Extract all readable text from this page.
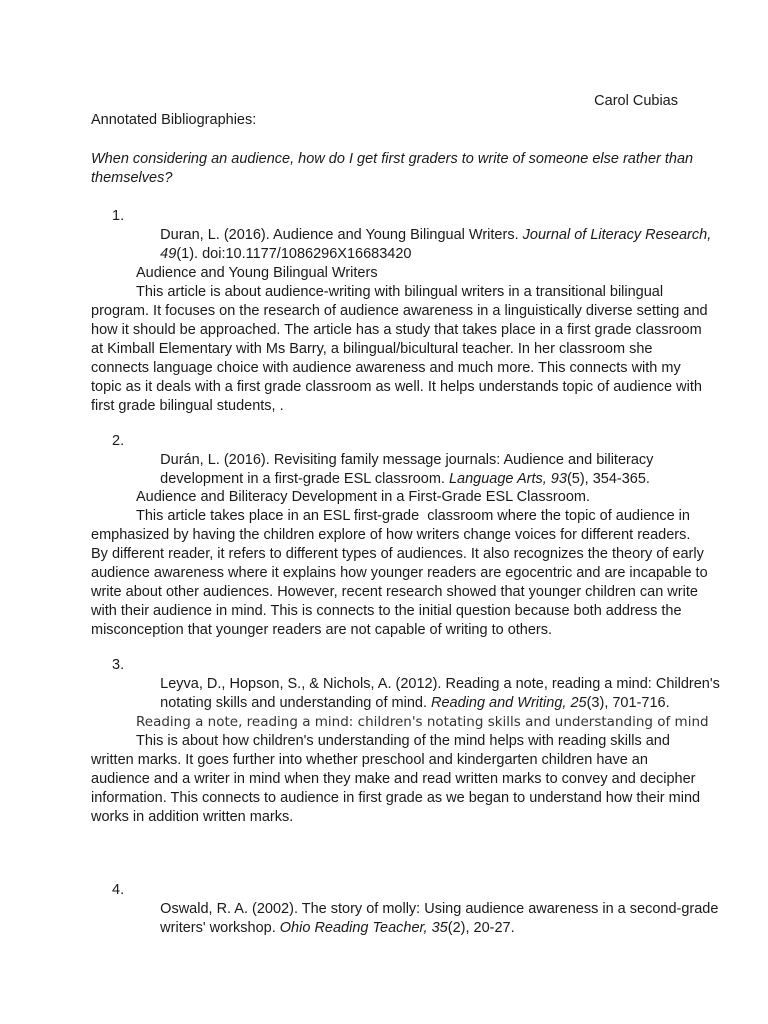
Carol Cubias
Annotated Bibliographies:
When considering an audience, how do I get first graders to write of someone else rather than
themselves?
1.

Duran, L. (2016). Audience and Young Bilingual Writers. Journal of Literacy Research,

49(1). doi:10.1177/1086296X16683420

Audience and Young Bilingual Writers
This article is about audience-writing with bilingual writers in a transitional bilingual
program. It focuses on the research of audience awareness in a linguistically diverse setting and
how it should be approached. The article has a study that takes place in a first grade classroom
at Kimball Elementary with Ms Barry, a bilingual/bicultural teacher. In her classroom she
connects language choice with audience awareness and much more. This connects with my
topic as it deals with a first grade classroom as well. It helps understands topic of audience with
first grade bilingual students, .
2.

Durán, L. (2016). Revisiting family message journals: Audience and biliteracy

development in a first-grade ESL classroom. Language Arts, 93(5), 354-365.

Audience and Biliteracy Development in a First-Grade ESL Classroom.
This article takes place in an ESL first-grade  classroom where the topic of audience in
emphasized by having the children explore of how writers change voices for different readers.
By different reader, it refers to different types of audiences. It also recognizes the theory of early
audience awareness where it explains how younger readers are egocentric and are incapable to
write about other audiences. However, recent research showed that younger children can write
with their audience in mind. This is connects to the initial question because both address the
misconception that younger readers are not capable of writing to others.
3.

Leyva, D., Hopson, S., & Nichols, A. (2012). Reading a note, reading a mind: Children's

notating skills and understanding of mind. Reading and Writing, 25(3), 701-716.

Reading a note, reading a mind: children's notating skills and understanding of mind
This is about how children's understanding of the mind helps with reading skills and
written marks. It goes further into whether preschool and kindergarten children have an
audience and a writer in mind when they make and read written marks to convey and decipher
information. This connects to audience in first grade as we began to understand how their mind
works in addition written marks.
4.

Oswald, R. A. (2002). The story of molly: Using audience awareness in a second-grade

writers' workshop. Ohio Reading Teacher, 35(2), 20-27.
